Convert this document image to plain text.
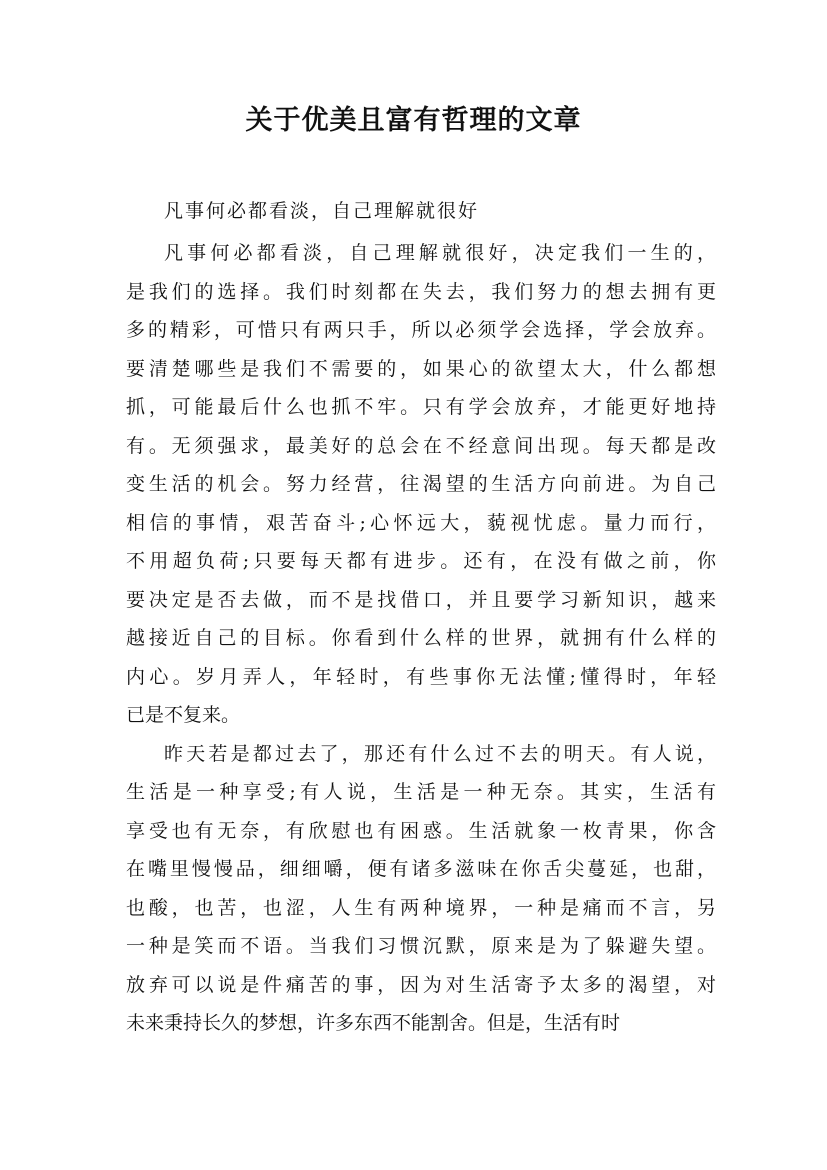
关于优美且富有哲理的文章
凡事何必都看淡，自己理解就很好
凡事何必都看淡，自己理解就很好，决定我们一生的，
是我们的选择。我们时刻都在失去，我们努力的想去拥有更
多的精彩，可惜只有两只手，所以必须学会选择，学会放弃。
要清楚哪些是我们不需要的，如果心的欲望太大，什么都想
抓，可能最后什么也抓不牢。只有学会放弃，才能更好地持
有。无须强求，最美好的总会在不经意间出现。每天都是改
变生活的机会。努力经营，往渴望的生活方向前进。为自己
相信的事情，艰苦奋斗;心怀远大，藐视忧虑。量力而行，
不用超负荷;只要每天都有进步。还有，在没有做之前，你
要决定是否去做，而不是找借口，并且要学习新知识，越来
越接近自己的目标。你看到什么样的世界，就拥有什么样的
内心。岁月弄人，年轻时，有些事你无法懂;懂得时，年轻
已是不复来。
昨天若是都过去了，那还有什么过不去的明天。有人说，
生活是一种享受;有人说，生活是一种无奈。其实，生活有
享受也有无奈，有欣慰也有困惑。生活就象一枚青果，你含
在嘴里慢慢品，细细嚼，便有诸多滋味在你舌尖蔓延，也甜，
也酸，也苦，也涩，人生有两种境界，一种是痛而不言，另
一种是笑而不语。当我们习惯沉默，原来是为了躲避失望。
放弃可以说是件痛苦的事，因为对生活寄予太多的渴望，对
未来秉持长久的梦想，许多东西不能割舍。但是，生活有时
